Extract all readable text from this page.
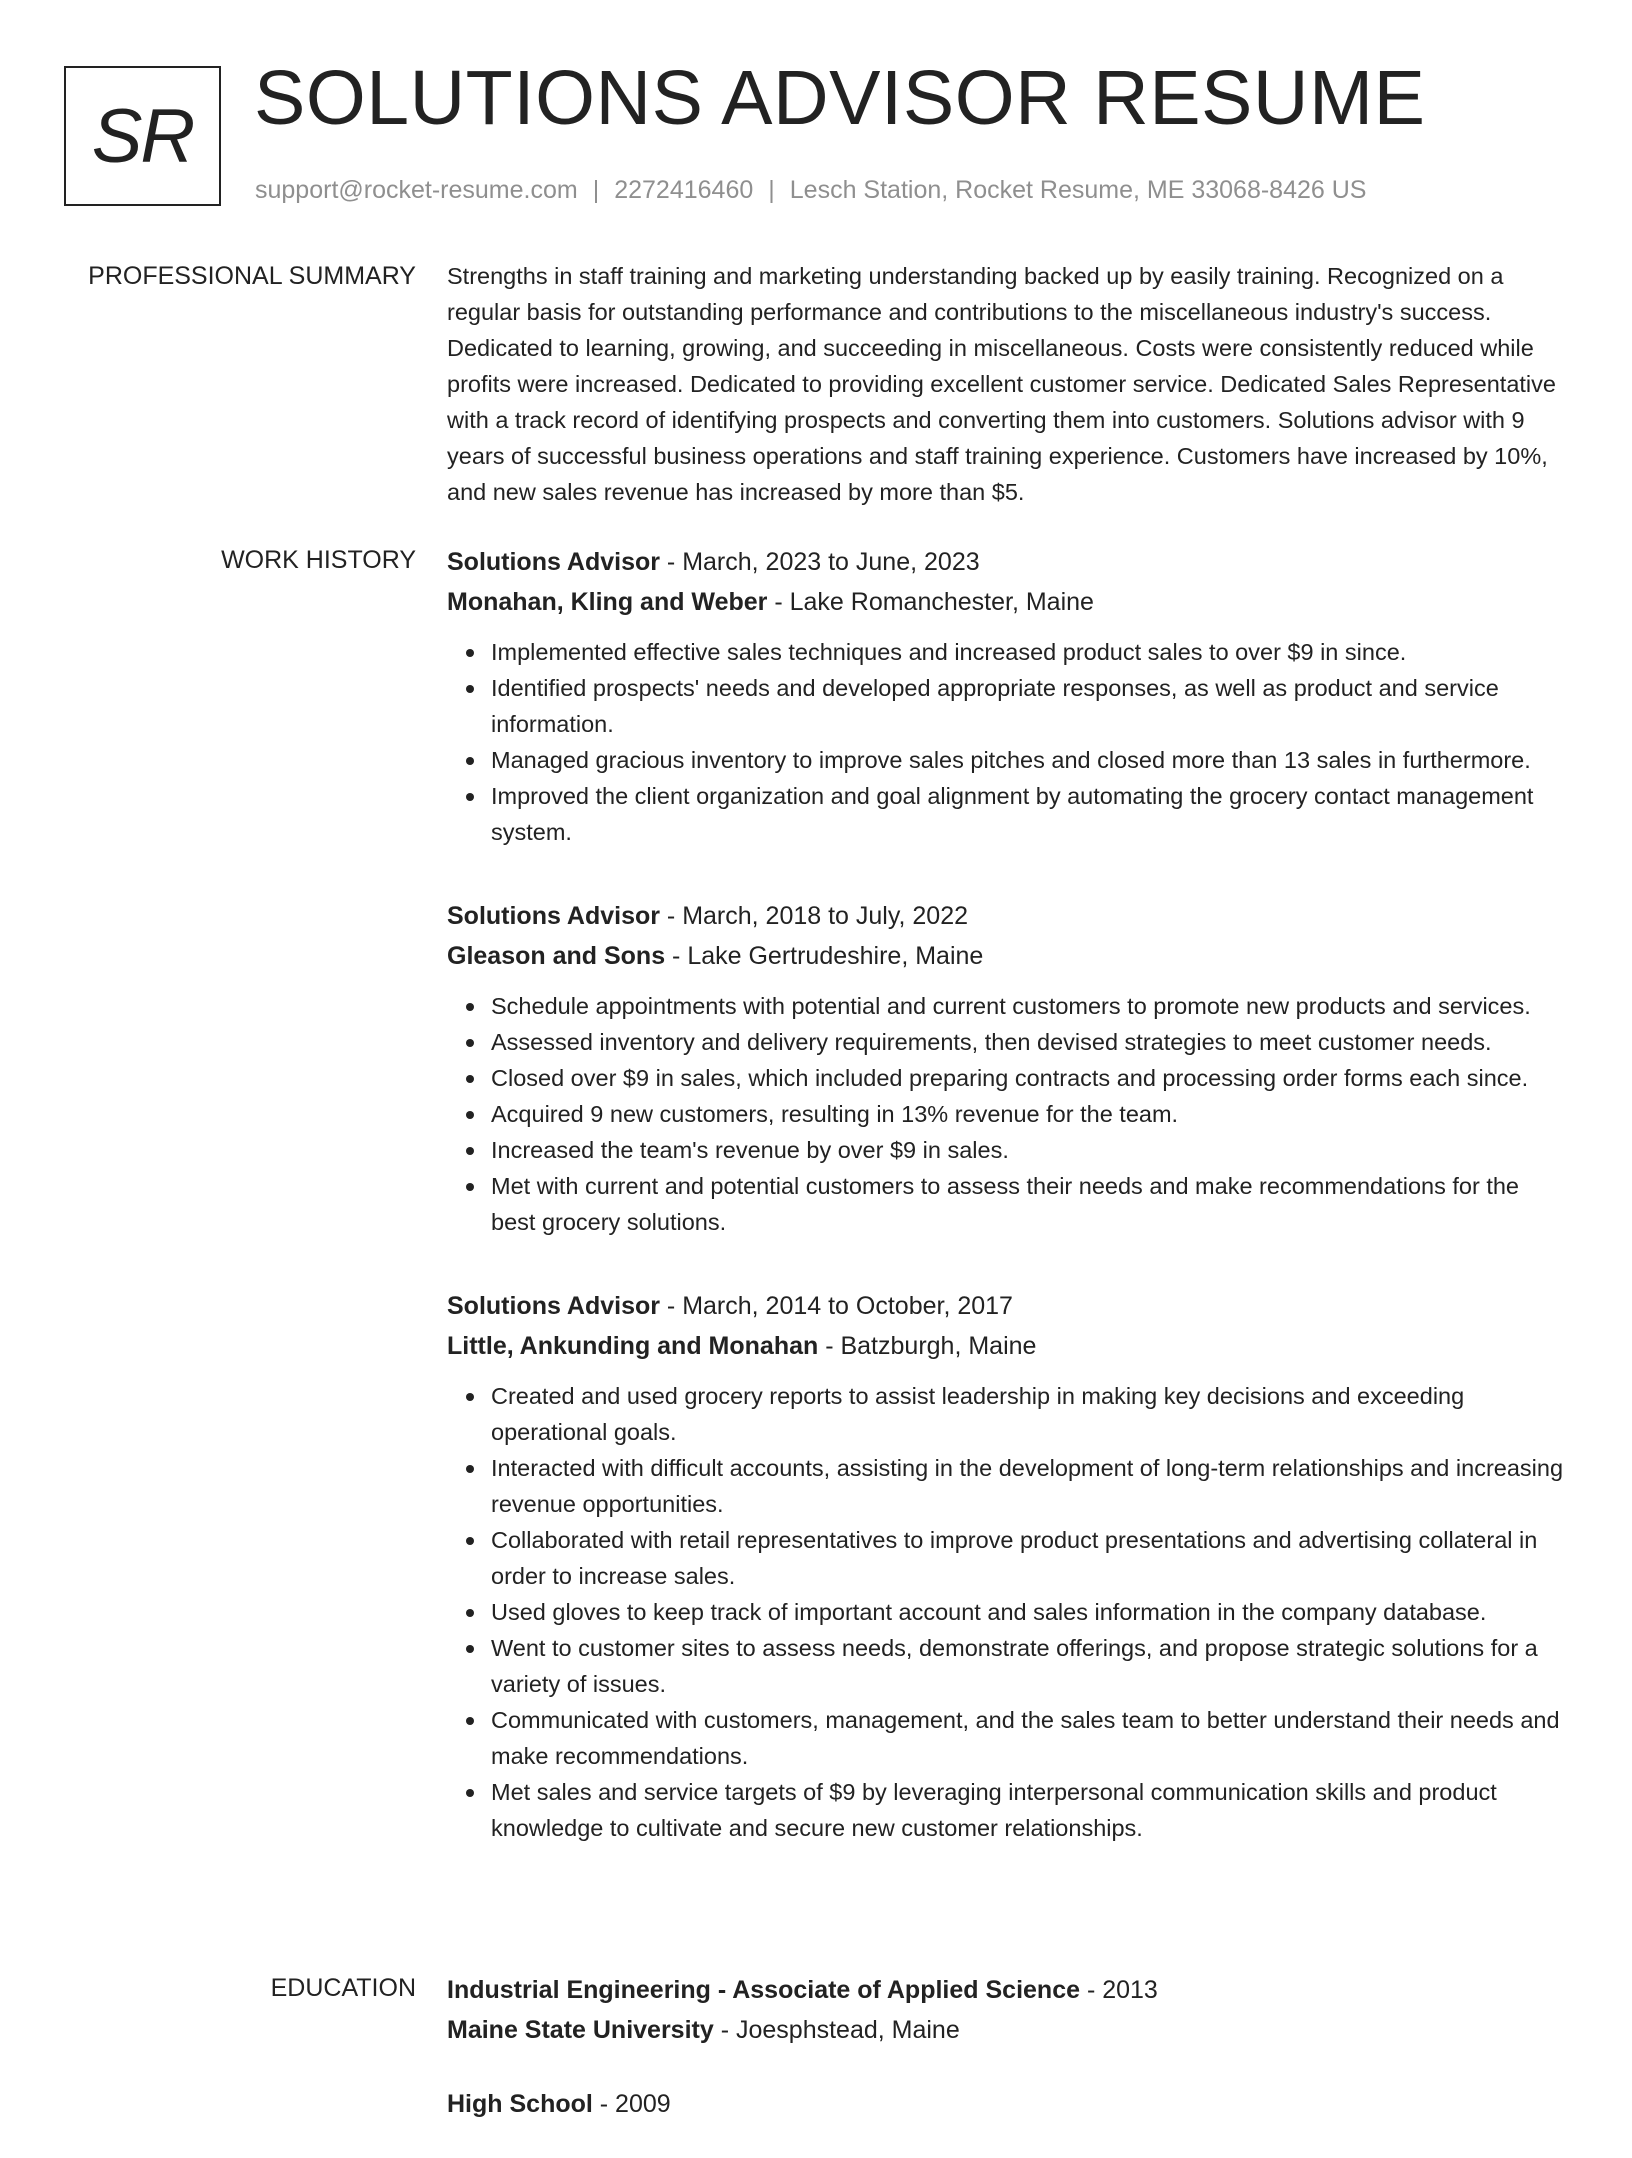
SR SOLUTIONS ADVISOR RESUME
support@rocket-resume.com | 2272416460 | Lesch Station, Rocket Resume, ME 33068-8426 US
PROFESSIONAL SUMMARY Strengths in staff training and marketing understanding backed up by easily training. Recognized on a regular basis for outstanding performance and contributions to the miscellaneous industry's success. Dedicated to learning, growing, and succeeding in miscellaneous. Costs were consistently reduced while profits were increased. Dedicated to providing excellent customer service. Dedicated Sales Representative with a track record of identifying prospects and converting them into customers. Solutions advisor with 9 years of successful business operations and staff training experience. Customers have increased by 10%, and new sales revenue has increased by more than $5.

WORK HISTORY Solutions Advisor - March, 2023 to June, 2023
Monahan, Kling and Weber - Lake Romanchester, Maine
Implemented effective sales techniques and increased product sales to over $9 in since.
Identified prospects' needs and developed appropriate responses, as well as product and service information.
Managed gracious inventory to improve sales pitches and closed more than 13 sales in furthermore.
Improved the client organization and goal alignment by automating the grocery contact management system.
Solutions Advisor - March, 2018 to July, 2022
Gleason and Sons - Lake Gertrudeshire, Maine
Schedule appointments with potential and current customers to promote new products and services.
Assessed inventory and delivery requirements, then devised strategies to meet customer needs.
Closed over $9 in sales, which included preparing contracts and processing order forms each since.
Acquired 9 new customers, resulting in 13% revenue for the team.
Increased the team's revenue by over $9 in sales.
Met with current and potential customers to assess their needs and make recommendations for the best grocery solutions.
Solutions Advisor - March, 2014 to October, 2017
Little, Ankunding and Monahan - Batzburgh, Maine
Created and used grocery reports to assist leadership in making key decisions and exceeding operational goals.
Interacted with difficult accounts, assisting in the development of long-term relationships and increasing revenue opportunities.
Collaborated with retail representatives to improve product presentations and advertising collateral in order to increase sales.
Used gloves to keep track of important account and sales information in the company database.
Went to customer sites to assess needs, demonstrate offerings, and propose strategic solutions for a variety of issues.
Communicated with customers, management, and the sales team to better understand their needs and make recommendations.
Met sales and service targets of $9 by leveraging interpersonal communication skills and product knowledge to cultivate and secure new customer relationships.
EDUCATION Industrial Engineering - Associate of Applied Science - 2013
Maine State University - Joesphstead, Maine
High School - 2009
